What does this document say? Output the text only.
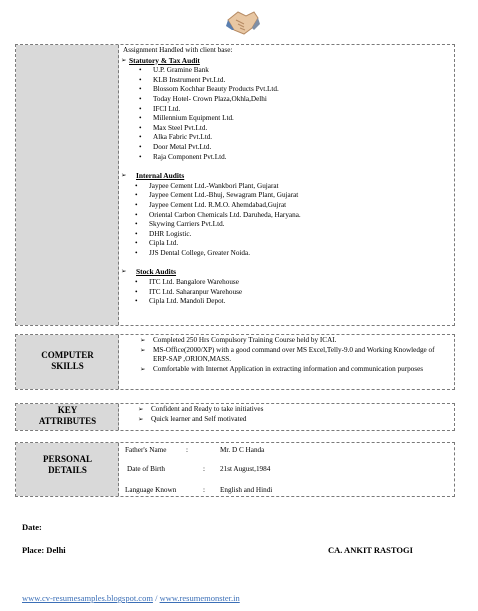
Assignment Handled with client base:
➢ Statutory & Tax Audit
• U.P. Gramine Bank
• KLB Instrument Pvt.Ltd.
• Blossom Kochhar Beauty Products Pvt.Ltd.
• Today Hotel- Crown Plaza,Okhla,Delhi
• IFCI Ltd.
• Millennium Equipment Ltd.
• Max Steel Pvt.Ltd.
• Alka Fabric Pvt.Ltd.
• Door Metal Pvt.Ltd.
• Raja Component Pvt.Ltd.
➢ Internal Audits
• Jaypee Cement Ltd.-Wankbori Plant, Gujarat
• Jaypee Cement Ltd.-Bhuj, Sewagram Plant, Gujarat
• Jaypee Cement Ltd. R.M.O. Ahemdabad,Gujrat
• Oriental Carbon Chemicals Ltd. Daruheda, Haryana.
• Skywing Carriers Pvt.Ltd.
• DHR Logistic.
• Cipla Ltd.
• JJS Dental College, Greater Noida.
➢ Stock Audits
• ITC Ltd. Bangalore Warehouse
• ITC Ltd. Saharanpur Warehouse
• Cipla Ltd. Mandoli Depot.
COMPUTER
SKILLS
➢ Completed 250 Hrs Compulsory Training Course held by ICAI.
➢ MS-Office(2000/XP) with a good command over MS Excel,Telly-9.0 and Working Knowledge of ERP-SAP ,ORION,MASS.
➢ Comfortable with Internet Application in extracting information and communication purposes
KEY
ATTRIBUTES
➢ Confident and Ready to take initiatives
➢ Quick learner and Self motivated
PERSONAL
DETAILS
Father's Name	:	Mr. D C Handa
Date of Birth	: 21st August,1984
Language Known	: English and Hindi
Date:
Place: Delhi	CA. ANKIT RASTOGI
www.cv-resumesamples.blogspot.com / www.resumemonster.in
